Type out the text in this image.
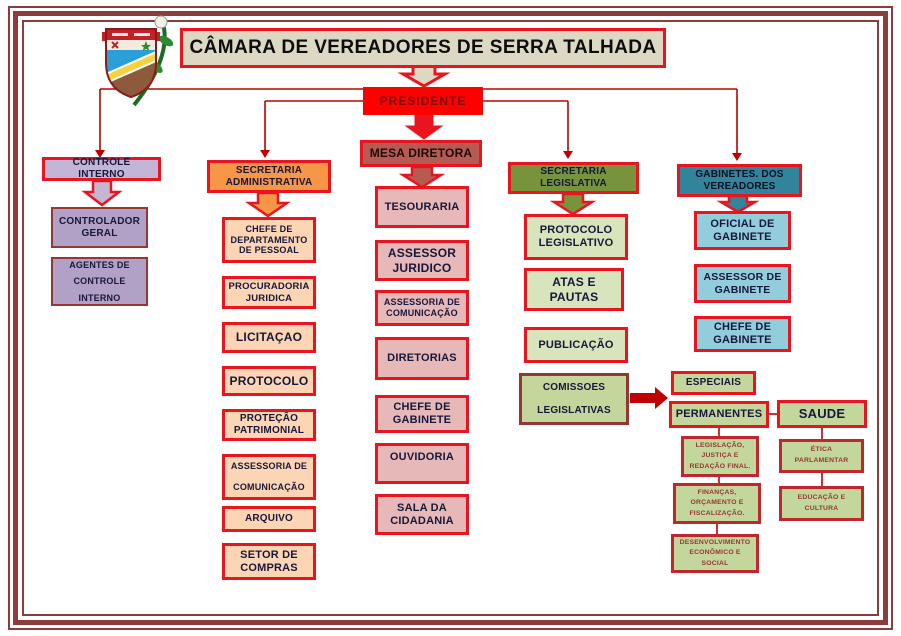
CÂMARA DE VEREADORES DE SERRA TALHADA
PRESIDENTE
MESA DIRETORA
CONTROLE INTERNO
CONTROLADOR GERAL
AGENTES DE CONTROLE INTERNO
SECRETARIA ADMINISTRATIVA
CHEFE DE DEPARTAMENTO DE PESSOAL
PROCURADORIA JURIDICA
LICITAÇAO
PROTOCOLO
PROTEÇÃO PATRIMONIAL
ASSESSORIA DE COMUNICAÇÃO
ARQUIVO
SETOR DE COMPRAS
TESOURARIA
ASSESSOR JURIDICO
ASSESSORIA DE COMUNICAÇÃO
DIRETORIAS
CHEFE DE GABINETE
OUVIDORIA
SALA DA CIDADANIA
SECRETARIA LEGISLATIVA
PROTOCOLO LEGISLATIVO
ATAS E PAUTAS
PUBLICAÇÃO
COMISSOES LEGISLATIVAS
GABINETES. DOS VEREADORES
OFICIAL DE GABINETE
ASSESSOR DE GABINETE
CHEFE DE GABINETE
ESPECIAIS
PERMANENTES	SAUDE
LEGISLAÇÃO, JUSTIÇA E REDAÇÃO FINAL.
FINANÇAS, ORÇAMENTO E FISCALIZAÇÃO.
DESENVOLVIMENTO ECONÔMICO E SOCIAL
ÉTICA PARLAMENTAR
EDUCAÇÃO E CULTURA
